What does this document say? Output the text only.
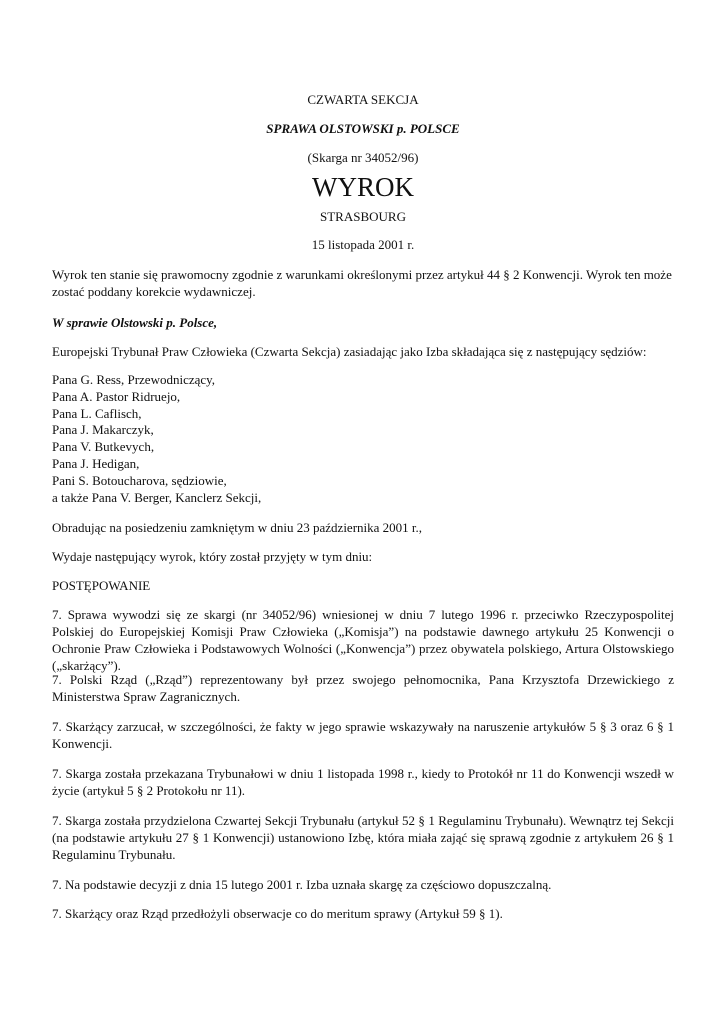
CZWARTA SEKCJA
SPRAWA OLSTOWSKI p. POLSCE
(Skarga nr 34052/96)
WYROK
STRASBOURG
15 listopada 2001 r.
Wyrok ten stanie się prawomocny zgodnie z warunkami określonymi przez artykuł 44 § 2 Konwencji. Wyrok ten może zostać poddany korekcie wydawniczej.
W sprawie Olstowski p. Polsce,
Europejski Trybunał Praw Człowieka (Czwarta Sekcja) zasiadając jako Izba składająca się z następujący sędziów:
Pana G. Ress, Przewodniczący,
Pana A. Pastor Ridruejo,
Pana L. Caflisch,
Pana J. Makarczyk,
Pana V. Butkevych,
Pana J. Hedigan,
Pani S. Botoucharova, sędziowie,
a także Pana V. Berger, Kanclerz Sekcji,
Obradując na posiedzeniu zamkniętym w dniu 23 października 2001 r.,
Wydaje następujący wyrok, który został przyjęty w tym dniu:
POSTĘPOWANIE
7. Sprawa wywodzi się ze skargi (nr 34052/96) wniesionej w dniu 7 lutego 1996 r. przeciwko Rzeczypospolitej Polskiej do Europejskiej Komisji Praw Człowieka („Komisja”) na podstawie dawnego artykułu 25 Konwencji o Ochronie Praw Człowieka i Podstawowych Wolności („Konwencja”) przez obywatela polskiego, Artura Olstowskiego („skarżący”).
7. Polski Rząd („Rząd”) reprezentowany był przez swojego pełnomocnika, Pana Krzysztofa Drzewickiego z Ministerstwa Spraw Zagranicznych.
7. Skarżący zarzucał, w szczególności, że fakty w jego sprawie wskazywały na naruszenie artykułów 5 § 3 oraz 6 § 1 Konwencji.
7. Skarga została przekazana Trybunałowi w dniu 1 listopada 1998 r., kiedy to Protokół nr 11 do Konwencji wszedł w życie (artykuł 5 § 2 Protokołu nr 11).
7. Skarga została przydzielona Czwartej Sekcji Trybunału (artykuł 52 § 1 Regulaminu Trybunału). Wewnątrz tej Sekcji (na podstawie artykułu 27 § 1 Konwencji) ustanowiono Izbę, która miała zająć się sprawą zgodnie z artykułem 26 § 1 Regulaminu Trybunału.
7. Na podstawie decyzji z dnia 15 lutego 2001 r. Izba uznała skargę za częściowo dopuszczalną.
7. Skarżący oraz Rząd przedłożyli obserwacje co do meritum sprawy (Artykuł 59 § 1).
